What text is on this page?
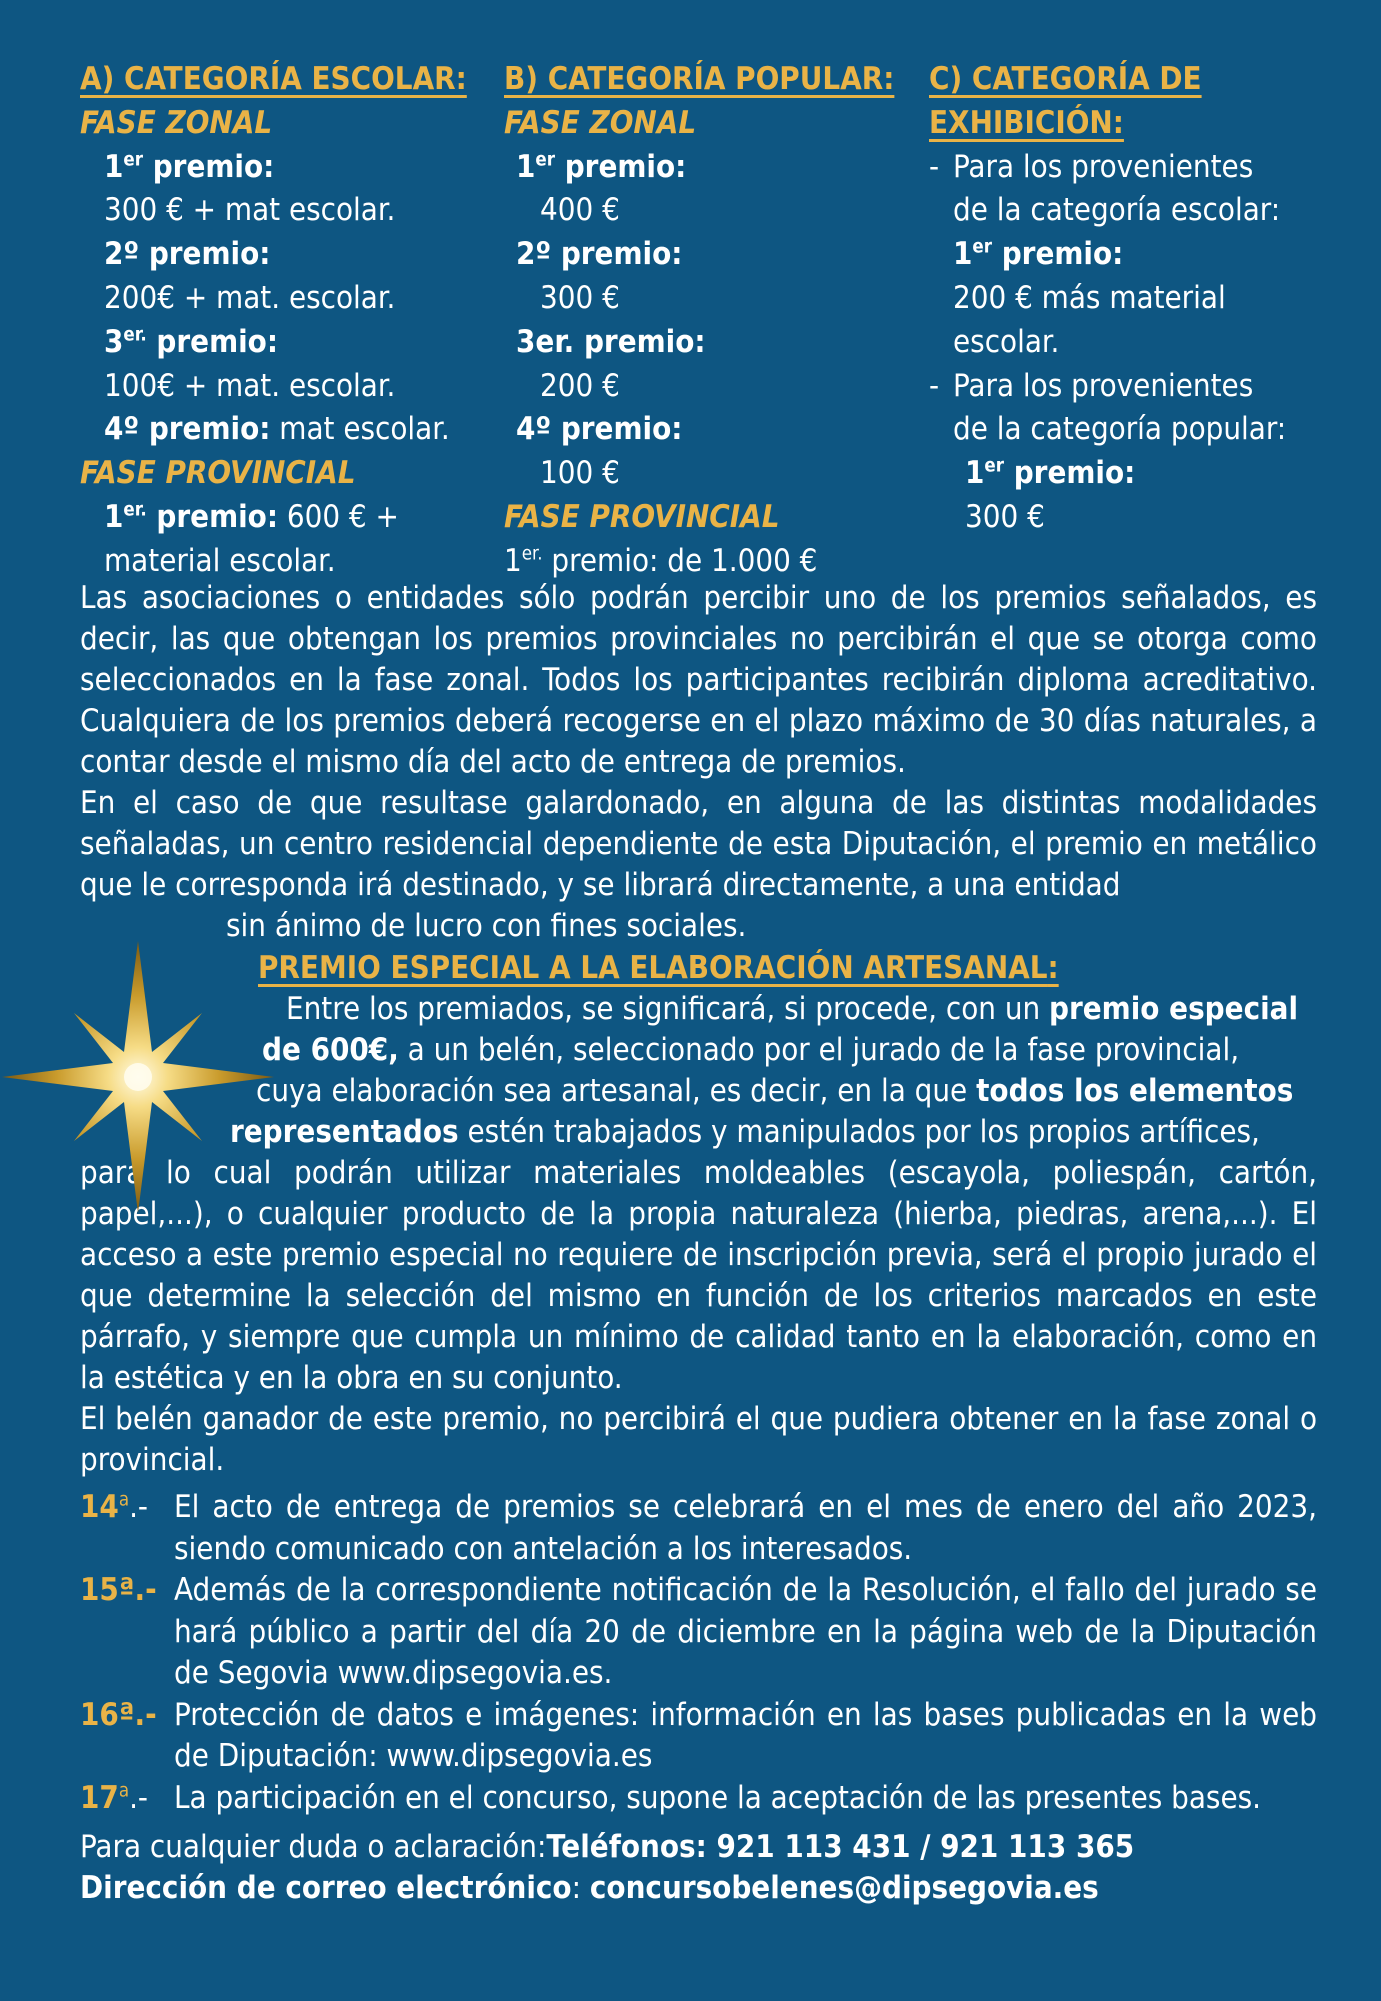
A) CATEGORÍA ESCOLAR:
FASE ZONAL
1er premio:
300 € + mat escolar.
2º premio:
200€ + mat. escolar.
$3^{er.}$ premio:
100€ + mat. escolar.
4º premio: mat escolar.
FASE PROVINCIAL
$1^{er.}$ premio: 600 € +
material escolar.
B) CATEGORÍA POPULAR:
FASE ZONAL
1er premio:
400 €
2º premio:
300 €
3er. premio:
200 €
4º premio:
100 €
FASE PROVINCIAL
$1^{er.}$ premio: de 1.000 €
C) CATEGORÍA DE
EXHIBICIÓN:
- Para los provenientes
de la categoría escolar:
1er premio:
200 € más material
escolar.
- Para los provenientes
de la categoría popular:
1er premio:
300 €

Las asociaciones o entidades sólo podrán percibir uno de los premios señalados, es decir, las que obtengan los premios provinciales no percibirán el que se otorga como seleccionados en la fase zonal. Todos los participantes recibirán diploma acreditativo. Cualquiera de los premios deberá recogerse en el plazo máximo de 30 días naturales, a contar desde el mismo día del acto de entrega de premios.

En el caso de que resultase galardonado, en alguna de las distintas modalidades señaladas, un centro residencial dependiente de esta Diputación, el premio en metálico que le corresponda irá destinado, y se librará directamente, a una entidad

sin ánimo de lucro con fines sociales.

PREMIO ESPECIAL A LA ELABORACIÓN ARTESANAL:

Entre los premiados, se significará, si procede, con un premio especial

de 600€, a un belén, seleccionado por el jurado de la fase provincial,

cuya elaboración sea artesanal, es decir, en la que todos los elementos

representados estén trabajados y manipulados por los propios artífices,

para lo cual podrán utilizar materiales moldeables (escayola, poliespán, cartón, papel,...), o cualquier producto de la propia naturaleza (hierba, piedras, arena,...). El acceso a este premio especial no requiere de inscripción previa, será el propio jurado el que determine la selección del mismo en función de los criterios marcados en este párrafo, y siempre que cumpla un mínimo de calidad tanto en la elaboración, como en la estética y en la obra en su conjunto.

El belén ganador de este premio, no percibirá el que pudiera obtener en la fase zonal o provincial.

14$^a$.- El acto de entrega de premios se celebrará en el mes de enero del año 2023, siendo comunicado con antelación a los interesados.
15ª.- Además de la correspondiente notificación de la Resolución, el fallo del jurado se hará público a partir del día 20 de diciembre en la página web de la Diputación de Segovia www.dipsegovia.es.
16ª.- Protección de datos e imágenes: información en las bases publicadas en la web de Diputación: www.dipsegovia.es
17$^a$.- La participación en el concurso, supone la aceptación de las presentes bases.
Para cualquier duda o aclaración:Teléfonos: 921 113 431 / 921 113 365
Dirección de correo electrónico: concursobelenes@dipsegovia.es
